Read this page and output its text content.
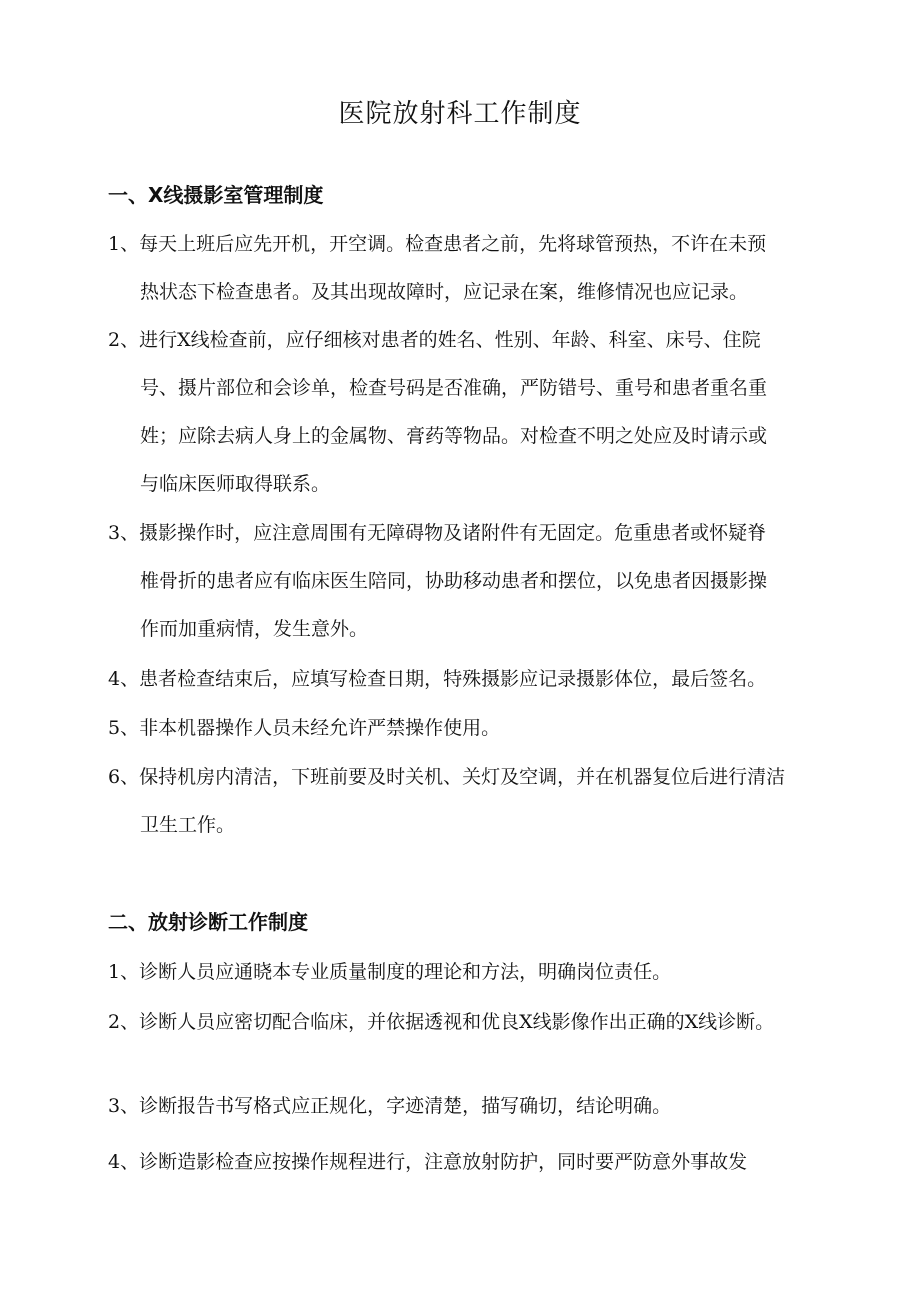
医院放射科工作制度
一、X线摄影室管理制度
1、每天上班后应先开机，开空调。检查患者之前，先将球管预热，不许在未预
热状态下检查患者。及其出现故障时，应记录在案，维修情况也应记录。
2、进行X线检查前，应仔细核对患者的姓名、性别、年龄、科室、床号、住院
号、摄片部位和会诊单，检查号码是否准确，严防错号、重号和患者重名重
姓；应除去病人身上的金属物、膏药等物品。对检查不明之处应及时请示或
与临床医师取得联系。
3、摄影操作时，应注意周围有无障碍物及诸附件有无固定。危重患者或怀疑脊
椎骨折的患者应有临床医生陪同，协助移动患者和摆位，以免患者因摄影操
作而加重病情，发生意外。
4、患者检查结束后，应填写检查日期，特殊摄影应记录摄影体位，最后签名。
5、非本机器操作人员未经允许严禁操作使用。
6、保持机房内清洁，下班前要及时关机、关灯及空调，并在机器复位后进行清洁
卫生工作。
二、放射诊断工作制度
1、诊断人员应通晓本专业质量制度的理论和方法，明确岗位责任。
2、诊断人员应密切配合临床，并依据透视和优良X线影像作出正确的X线诊断。
3、诊断报告书写格式应正规化，字迹清楚，描写确切，结论明确。
4、诊断造影检查应按操作规程进行，注意放射防护，同时要严防意外事故发
